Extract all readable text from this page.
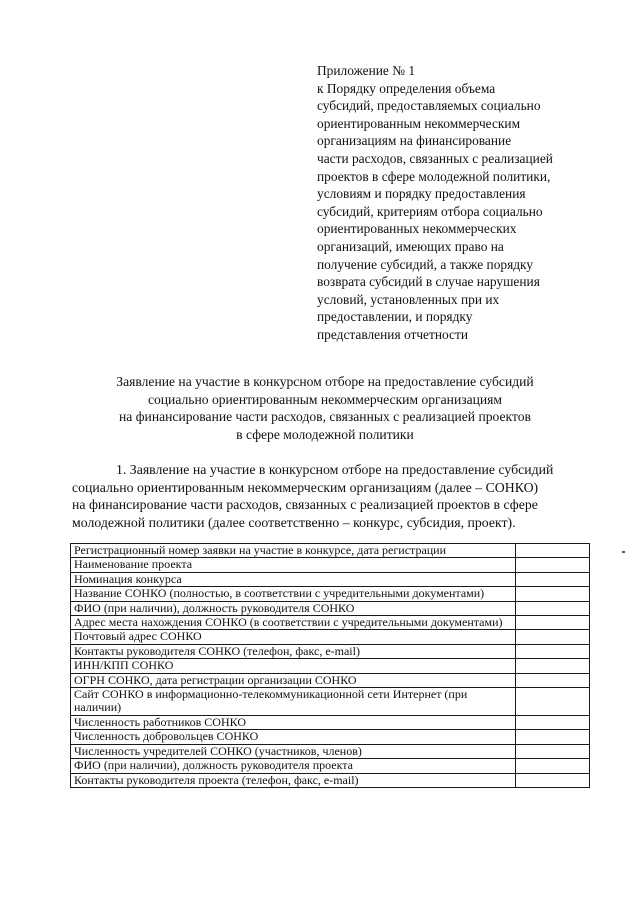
Приложение № 1
к Порядку определения объема
субсидий, предоставляемых социально
ориентированным некоммерческим
организациям на финансирование
части расходов, связанных с реализацией
проектов в сфере молодежной политики,
условиям и порядку предоставления
субсидий, критериям отбора социально
ориентированных некоммерческих
организаций, имеющих право на
получение субсидий, а также порядку
возврата субсидий в случае нарушения
условий, установленных при их
предоставлении, и порядку
представления отчетности
Заявление на участие в конкурсном отборе на предоставление субсидий
социально ориентированным некоммерческим организациям
на финансирование части расходов, связанных с реализацией проектов
в сфере молодежной политики
1. Заявление на участие в конкурсном отборе на предоставление субсидий
социально ориентированным некоммерческим организациям (далее – СОНКО)
на финансирование части расходов, связанных с реализацией проектов в сфере
молодежной политики (далее соответственно – конкурс, субсидия, проект).
Регистрационный номер заявки на участие в конкурсе, дата регистрации	
Наименование проекта	
Номинация конкурса	
Название СОНКО (полностью, в соответствии с учредительными документами)	
ФИО (при наличии), должность руководителя СОНКО	
Адрес места нахождения СОНКО (в соответствии с учредительными документами)	
Почтовый адрес СОНКО	
Контакты руководителя СОНКО (телефон, факс, e-mail)	
ИНН/КПП СОНКО	
ОГРН СОНКО, дата регистрации организации СОНКО	
Сайт СОНКО в информационно-телекоммуникационной сети Интернет (при наличии)	
Численность работников СОНКО	
Численность добровольцев СОНКО	
Численность учредителей СОНКО (участников, членов)	
ФИО (при наличии), должность руководителя проекта	
Контакты руководителя проекта (телефон, факс, e-mail)	
